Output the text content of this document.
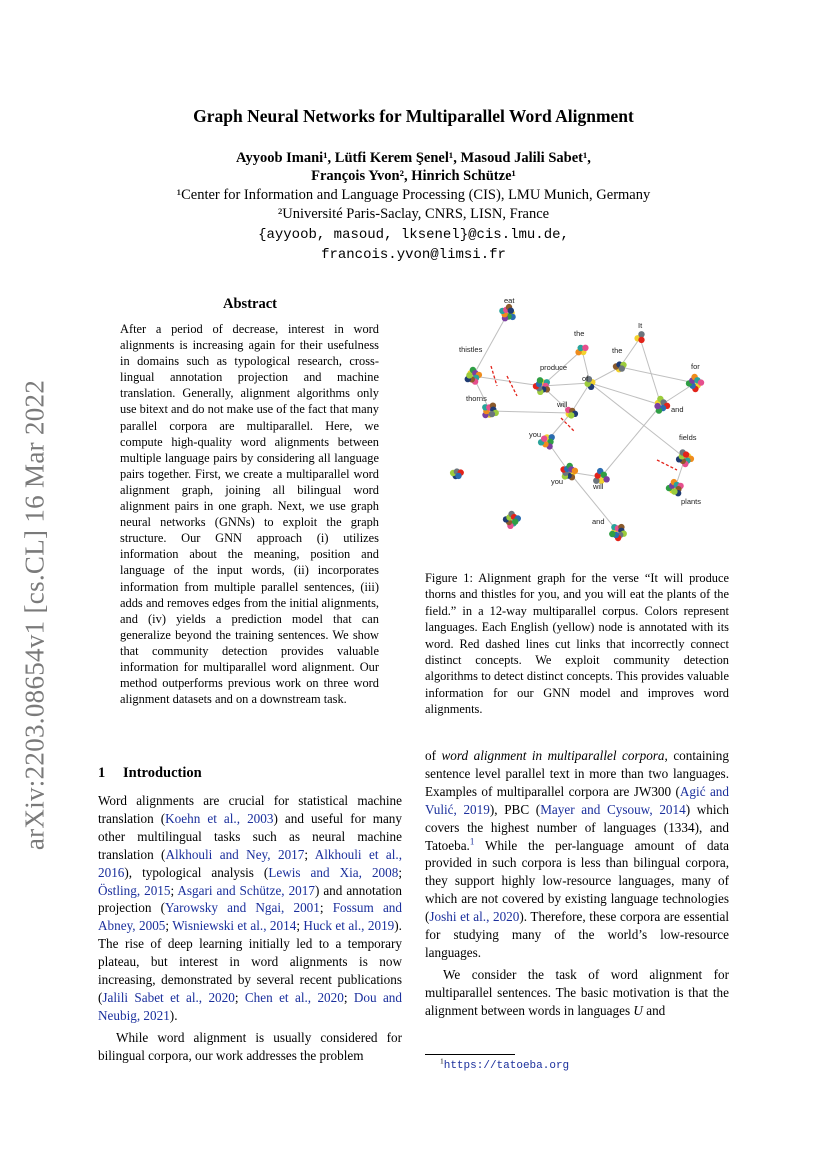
arXiv:2203.08654v1 [cs.CL] 16 Mar 2022
Graph Neural Networks for Multiparallel Word Alignment
Ayyoob Imani¹, Lütfi Kerem Şenel¹, Masoud Jalili Sabet¹,
François Yvon², Hinrich Schütze¹
¹Center for Information and Language Processing (CIS), LMU Munich, Germany
²Université Paris-Saclay, CNRS, LISN, France
{ayyoob, masoud, lksenel}@cis.lmu.de,
francois.yvon@limsi.fr
Abstract

After a period of decrease, interest in word alignments is increasing again for their usefulness in domains such as typological research, cross-lingual annotation projection and machine translation. Generally, alignment algorithms only use bitext and do not make use of the fact that many parallel corpora are multiparallel. Here, we compute high-quality word alignments between multiple language pairs by considering all language pairs together. First, we create a multiparallel word alignment graph, joining all bilingual word alignment pairs in one graph. Next, we use graph neural networks (GNNs) to exploit the graph structure. Our GNN approach (i) utilizes information about the meaning, position and language of the input words, (ii) incorporates information from multiple parallel sentences, (iii) adds and removes edges from the initial alignments, and (iv) yields a prediction model that can generalize beyond the training sentences. We show that community detection provides valuable information for multiparallel word alignment. Our method outperforms previous work on three word alignment datasets and on a downstream task.

eat
the
the
It
thistles
produce
of
for
thorns
will
and
you	fields
you
will
plants
and
Figure 1: Alignment graph for the verse “It will produce thorns and thistles for you, and you will eat the plants of the field.” in a 12-way multiparallel corpus. Colors represent languages. Each English (yellow) node is annotated with its word. Red dashed lines cut links that incorrectly connect distinct concepts. We exploit community detection algorithms to detect distinct concepts. This provides valuable information for our GNN model and improves word alignments.
1 Introduction

Word alignments are crucial for statistical machine translation (Koehn et al., 2003) and useful for many other multilingual tasks such as neural machine translation (Alkhouli and Ney, 2017; Alkhouli et al., 2016), typological analysis (Lewis and Xia, 2008; Östling, 2015; Asgari and Schütze, 2017) and annotation projection (Yarowsky and Ngai, 2001; Fossum and Abney, 2005; Wisniewski et al., 2014; Huck et al., 2019). The rise of deep learning initially led to a temporary plateau, but interest in word alignments is now increasing, demonstrated by several recent publications (Jalili Sabet et al., 2020; Chen et al., 2020; Dou and Neubig, 2021).

While word alignment is usually considered for bilingual corpora, our work addresses the problem

of word alignment in multiparallel corpora, containing sentence level parallel text in more than two languages. Examples of multiparallel corpora are JW300 (Agić and Vulić, 2019), PBC (Mayer and Cysouw, 2014) which covers the highest number of languages (1334), and Tatoeba.$^1$ While the per-language amount of data provided in such corpora is less than bilingual corpora, they support highly low-resource languages, many of which are not covered by existing language technologies (Joshi et al., 2020). Therefore, these corpora are essential for studying many of the world’s low-resource languages.

We consider the task of word alignment for multiparallel sentences. The basic motivation is that the alignment between words in languages U and

$^1$https://tatoeba.org
